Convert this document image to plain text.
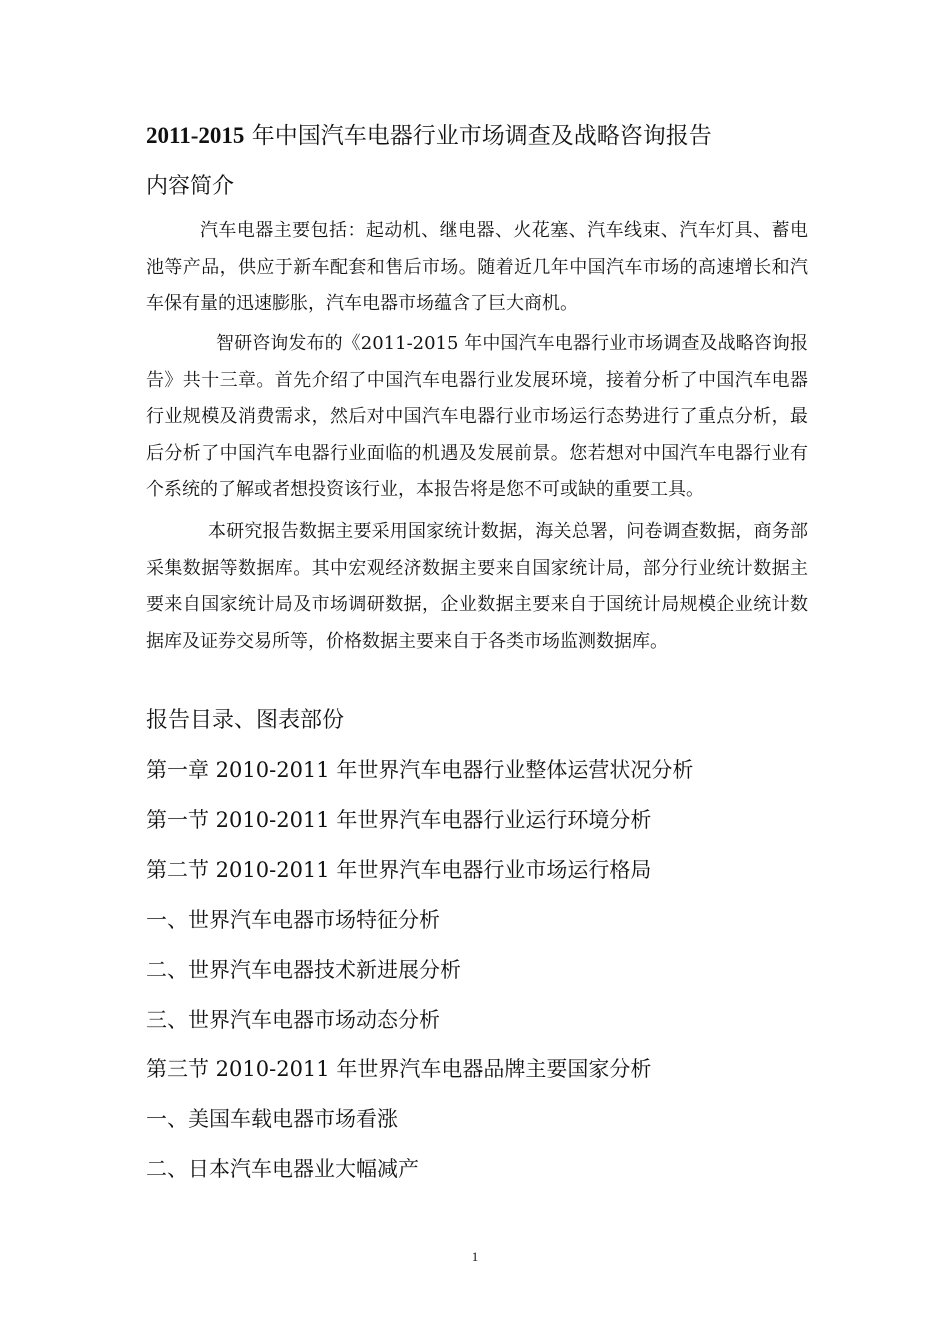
2011-2015 年中国汽车电器行业市场调查及战略咨询报告
内容简介

汽车电器主要包括：起动机、继电器、火花塞、汽车线束、汽车灯具、蓄电池等产品，供应于新车配套和售后市场。随着近几年中国汽车市场的高速增长和汽车保有量的迅速膨胀，汽车电器市场蕴含了巨大商机。

智研咨询发布的《2011-2015 年中国汽车电器行业市场调查及战略咨询报告》共十三章。首先介绍了中国汽车电器行业发展环境，接着分析了中国汽车电器行业规模及消费需求，然后对中国汽车电器行业市场运行态势进行了重点分析，最后分析了中国汽车电器行业面临的机遇及发展前景。您若想对中国汽车电器行业有个系统的了解或者想投资该行业，本报告将是您不可或缺的重要工具。

本研究报告数据主要采用国家统计数据，海关总署，问卷调查数据，商务部采集数据等数据库。其中宏观经济数据主要来自国家统计局，部分行业统计数据主要来自国家统计局及市场调研数据，企业数据主要来自于国统计局规模企业统计数据库及证券交易所等，价格数据主要来自于各类市场监测数据库。

报告目录、图表部份
第一章 2010-2011 年世界汽车电器行业整体运营状况分析
第一节 2010-2011 年世界汽车电器行业运行环境分析
第二节 2010-2011 年世界汽车电器行业市场运行格局
一、世界汽车电器市场特征分析
二、世界汽车电器技术新进展分析
三、世界汽车电器市场动态分析
第三节 2010-2011 年世界汽车电器品牌主要国家分析
一、美国车载电器市场看涨
二、日本汽车电器业大幅减产
1
